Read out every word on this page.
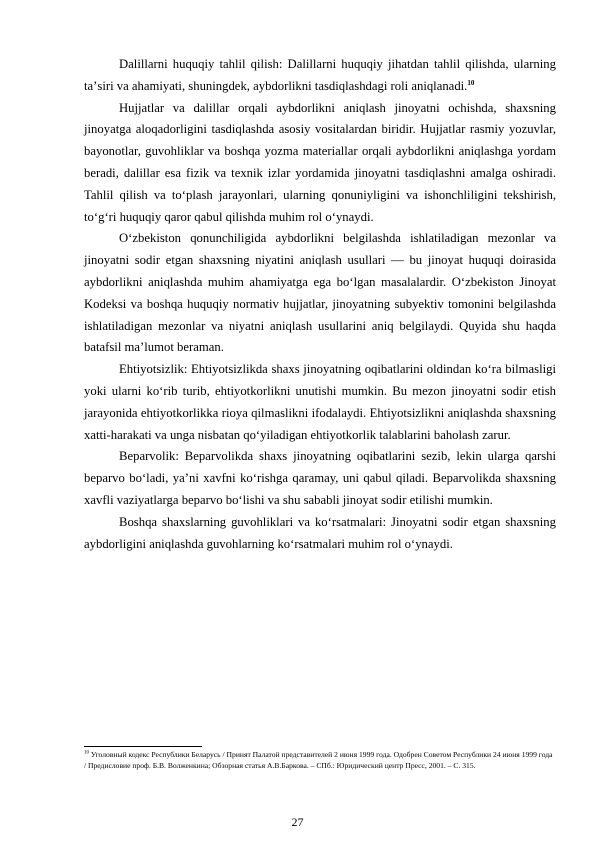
Dalillarni huquqiy tahlil qilish: Dalillarni huquqiy jihatdan tahlil qilishda, ularning taʼsiri va ahamiyati, shuningdek, aybdorlikni tasdiqlashdagi roli aniqlanadi.$^{10}$

Hujjatlar va dalillar orqali aybdorlikni aniqlash jinoyatni ochishda, shaxsning jinoyatga aloqadorligini tasdiqlashda asosiy vositalardan biridir. Hujjatlar rasmiy yozuvlar, bayonotlar, guvohliklar va boshqa yozma materiallar orqali aybdorlikni aniqlashga yordam beradi, dalillar esa fizik va texnik izlar yordamida jinoyatni tasdiqlashni amalga oshiradi. Tahlil qilish va toʻplash jarayonlari, ularning qonuniyligini va ishonchliligini tekshirish, toʻgʻri huquqiy qaror qabul qilishda muhim rol oʻynaydi.

Oʻzbekiston qonunchiligida aybdorlikni belgilashda ishlatiladigan mezonlar va jinoyatni sodir etgan shaxsning niyatini aniqlash usullari — bu jinoyat huquqi doirasida aybdorlikni aniqlashda muhim ahamiyatga ega boʻlgan masalalardir. Oʻzbekiston Jinoyat Kodeksi va boshqa huquqiy normativ hujjatlar, jinoyatning subyektiv tomonini belgilashda ishlatiladigan mezonlar va niyatni aniqlash usullarini aniq belgilaydi. Quyida shu haqda batafsil maʼlumot beraman.

Ehtiyotsizlik: Ehtiyotsizlikda shaxs jinoyatning oqibatlarini oldindan koʻra bilmasligi yoki ularni koʻrib turib, ehtiyotkorlikni unutishi mumkin. Bu mezon jinoyatni sodir etish jarayonida ehtiyotkorlikka rioya qilmaslikni ifodalaydi. Ehtiyotsizlikni aniqlashda shaxsning xatti-harakati va unga nisbatan qoʻyiladigan ehtiyotkorlik talablarini baholash zarur.

Beparvolik: Beparvolikda shaxs jinoyatning oqibatlarini sezib, lekin ularga qarshi beparvo boʻladi, yaʼni xavfni koʻrishga qaramay, uni qabul qiladi. Beparvolikda shaxsning xavfli vaziyatlarga beparvo boʻlishi va shu sababli jinoyat sodir etilishi mumkin.

Boshqa shaxslarning guvohliklari va koʻrsatmalari: Jinoyatni sodir etgan shaxsning aybdorligini aniqlashda guvohlarning koʻrsatmalari muhim rol oʻynaydi.

$^{10}$ Уголовный кодекс Республики Беларусь / Принят Палатой представителей 2 июня 1999 года. Одобрен Советом Республики 24 июня 1999 года / Предисловие проф. Б.В. Волженкина; Обзорная статья А.В.Баркова. – СПб.: Юридический центр Пресс, 2001. – С. 315.
27
